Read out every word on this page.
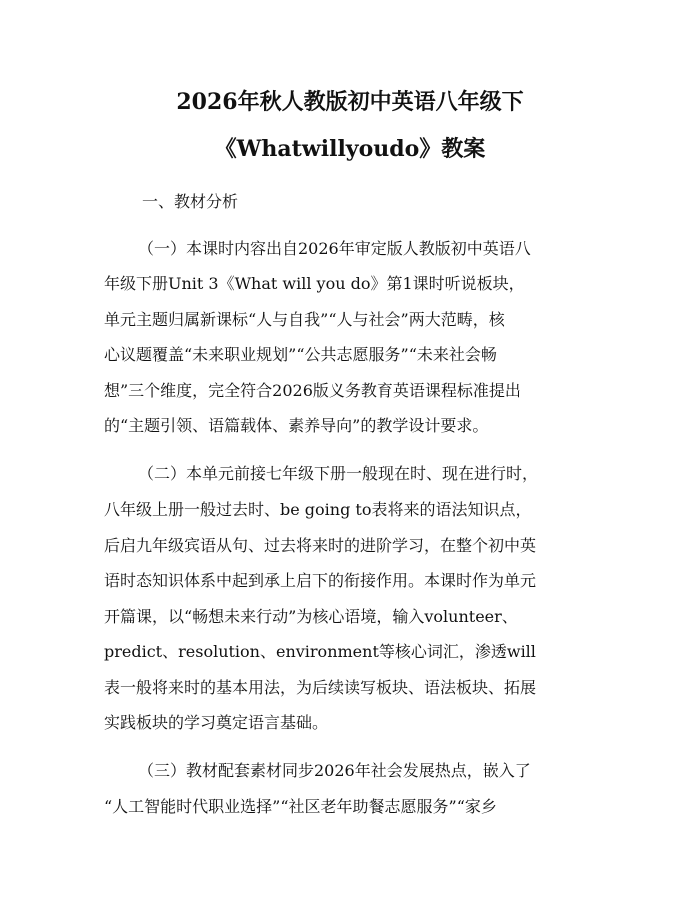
2026年秋人教版初中英语八年级下
《Whatwillyoudo》教案
一、教材分析
（一）本课时内容出自2026年审定版人教版初中英语八
年级下册Unit 3《What will you do》第1课时听说板块，
单元主题归属新课标“人与自我”“人与社会”两大范畴，核
心议题覆盖“未来职业规划”“公共志愿服务”“未来社会畅
想”三个维度，完全符合2026版义务教育英语课程标准提出
的“主题引领、语篇载体、素养导向”的教学设计要求。
（二）本单元前接七年级下册一般现在时、现在进行时，
八年级上册一般过去时、be going to表将来的语法知识点，
后启九年级宾语从句、过去将来时的进阶学习，在整个初中英
语时态知识体系中起到承上启下的衔接作用。本课时作为单元
开篇课，以“畅想未来行动”为核心语境，输入volunteer、
predict、resolution、environment等核心词汇，渗透will
表一般将来时的基本用法，为后续读写板块、语法板块、拓展
实践板块的学习奠定语言基础。
（三）教材配套素材同步2026年社会发展热点，嵌入了
“人工智能时代职业选择”“社区老年助餐志愿服务”“家乡
